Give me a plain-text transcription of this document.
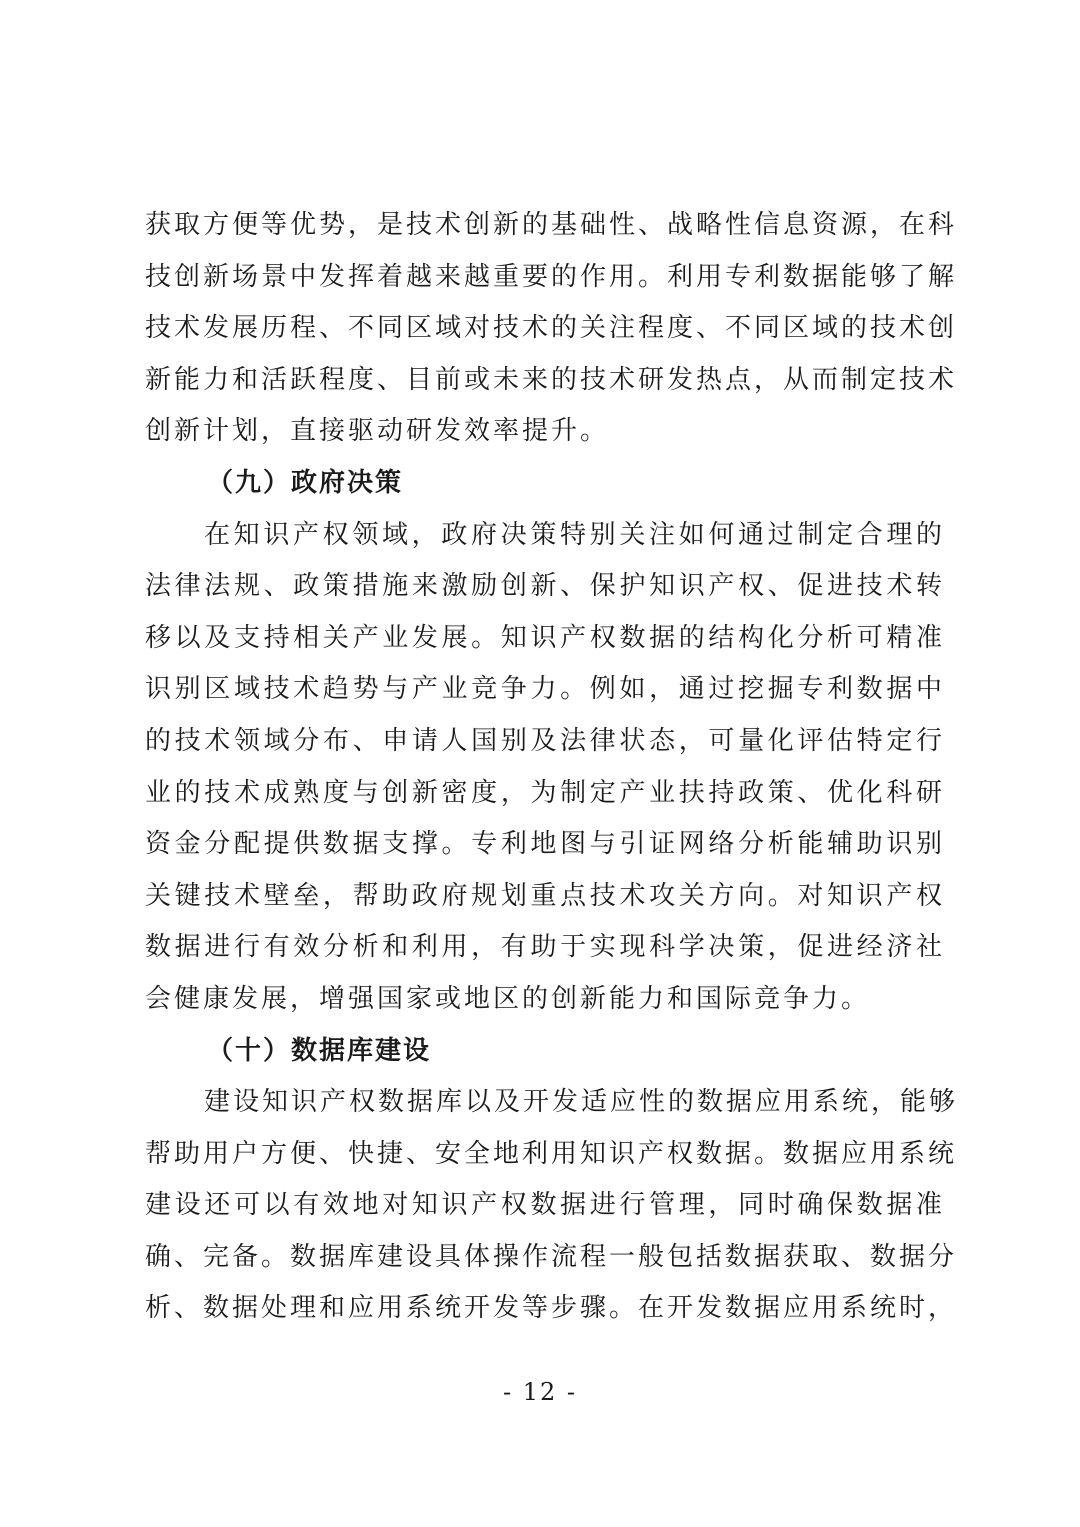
获取方便等优势，是技术创新的基础性、战略性信息资源，在科
技创新场景中发挥着越来越重要的作用。利用专利数据能够了解
技术发展历程、不同区域对技术的关注程度、不同区域的技术创
新能力和活跃程度、目前或未来的技术研发热点，从而制定技术
创新计划，直接驱动研发效率提升。
（九）政府决策
在知识产权领域，政府决策特别关注如何通过制定合理的
法律法规、政策措施来激励创新、保护知识产权、促进技术转
移以及支持相关产业发展。知识产权数据的结构化分析可精准
识别区域技术趋势与产业竞争力。例如，通过挖掘专利数据中
的技术领域分布、申请人国别及法律状态，可量化评估特定行
业的技术成熟度与创新密度，为制定产业扶持政策、优化科研
资金分配提供数据支撑。专利地图与引证网络分析能辅助识别
关键技术壁垒，帮助政府规划重点技术攻关方向。对知识产权
数据进行有效分析和利用，有助于实现科学决策，促进经济社
会健康发展，增强国家或地区的创新能力和国际竞争力。
（十）数据库建设
建设知识产权数据库以及开发适应性的数据应用系统，能够
帮助用户方便、快捷、安全地利用知识产权数据。数据应用系统
建设还可以有效地对知识产权数据进行管理，同时确保数据准
确、完备。数据库建设具体操作流程一般包括数据获取、数据分
析、数据处理和应用系统开发等步骤。在开发数据应用系统时，
- 12 -
